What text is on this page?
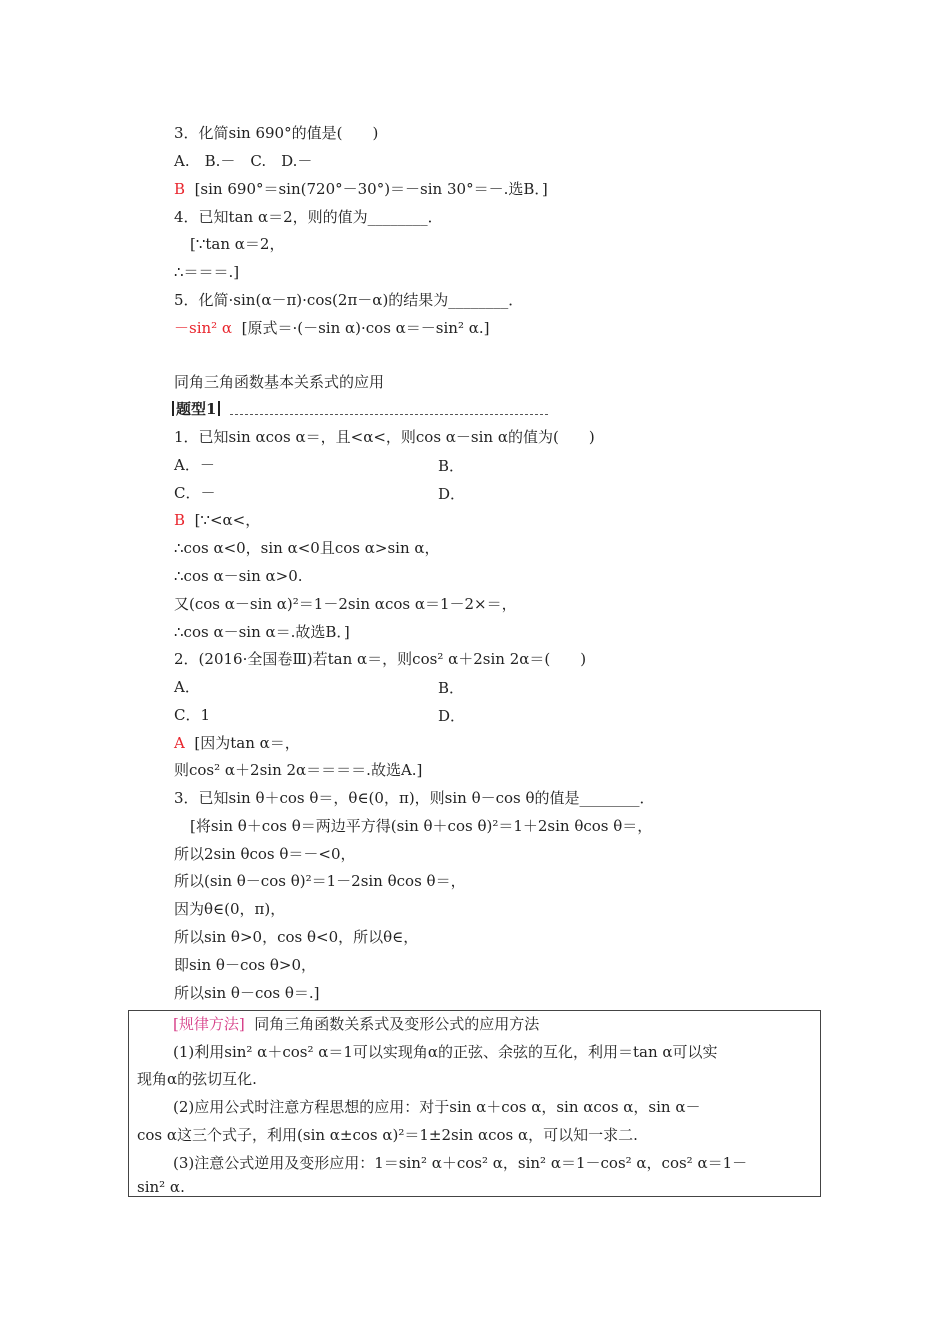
3．化简sin 690°的值是(　　)
A.　B.－　C.　D.－
B [sin 690°＝sin(720°－30°)＝－sin 30°＝－.选B．]
4．已知tan α＝2，则的值为________．
[∵tan α＝2，
∴＝＝＝.]
5．化简·sin(α－π)·cos(2π－α)的结果为________．
－sin² α [原式＝·(－sin α)·cos α＝－sin² α.]
同角三角函数基本关系式的应用
题型1
1．已知sin αcos α＝，且<α<，则cos α－sin α的值为(　　)
A．－	B．
C．－	D．
B [∵<α<，
∴cos α<0，sin α<0且cos α>sin α，
∴cos α－sin α>0.
又(cos α－sin α)²＝1－2sin αcos α＝1－2×＝，
∴cos α－sin α＝.故选B．]
2．(2016·全国卷Ⅲ)若tan α＝，则cos² α＋2sin 2α＝(　　)
A．	B．
C．1	D．
A [因为tan α＝，
则cos² α＋2sin 2α＝＝＝＝.故选A.]
3．已知sin θ＋cos θ＝，θ∈(0，π)，则sin θ－cos θ的值是________．
[将sin θ＋cos θ＝两边平方得(sin θ＋cos θ)²＝1＋2sin θcos θ＝，
所以2sin θcos θ＝－<0，
所以(sin θ－cos θ)²＝1－2sin θcos θ＝，
因为θ∈(0，π)，
所以sin θ>0，cos θ<0，所以θ∈，
即sin θ－cos θ>0，
所以sin θ－cos θ＝.]
[规律方法] 同角三角函数关系式及变形公式的应用方法
(1)利用sin² α＋cos² α＝1可以实现角α的正弦、余弦的互化，利用＝tan α可以实
现角α的弦切互化.
(2)应用公式时注意方程思想的应用：对于sin α＋cos α，sin αcos α，sin α－
cos α这三个式子，利用(sin α±cos α)²＝1±2sin αcos α，可以知一求二.
(3)注意公式逆用及变形应用：1＝sin² α＋cos² α，sin² α＝1－cos² α，cos² α＝1－
sin² α.
